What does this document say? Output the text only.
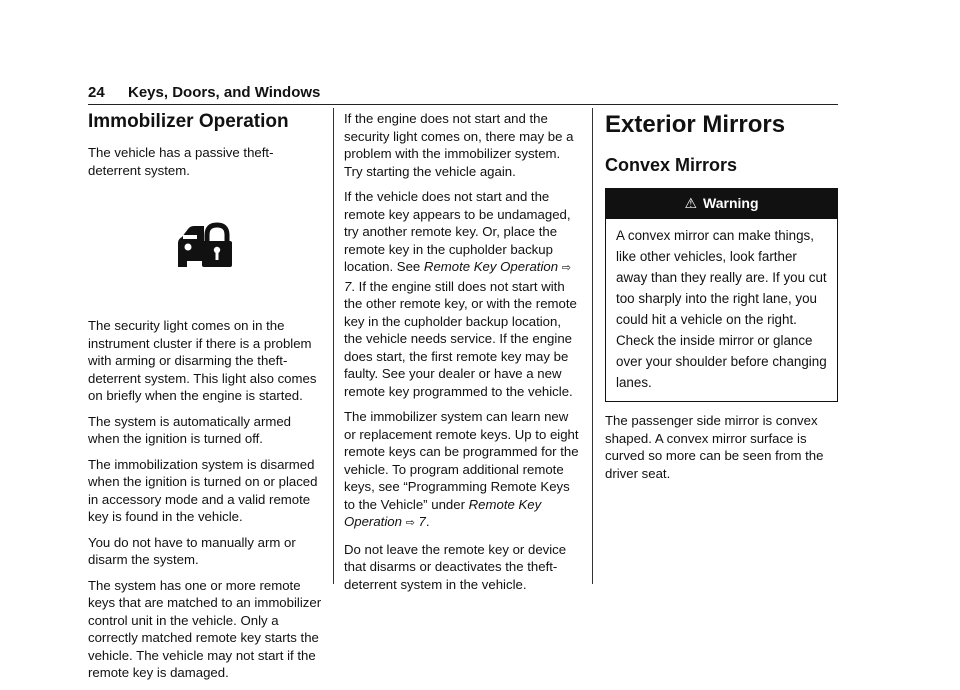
24 Keys, Doors, and Windows
Immobilizer Operation

The vehicle has a passive theft-deterrent system.

The security light comes on in the instrument cluster if there is a problem with arming or disarming the theft-deterrent system. This light also comes on briefly when the engine is started.

The system is automatically armed when the ignition is turned off.

The immobilization system is disarmed when the ignition is turned on or placed in accessory mode and a valid remote key is found in the vehicle.

You do not have to manually arm or disarm the system.

The system has one or more remote keys that are matched to an immobilizer control unit in the vehicle. Only a correctly matched remote key starts the vehicle. The vehicle may not start if the remote key is damaged.

If the engine does not start and the security light comes on, there may be a problem with the immobilizer system. Try starting the vehicle again.

If the vehicle does not start and the remote key appears to be undamaged, try another remote key. Or, place the remote key in the cupholder backup location. See Remote Key Operation ⇨ 7. If the engine still does not start with the other remote key, or with the remote key in the cupholder backup location, the vehicle needs service. If the engine does start, the first remote key may be faulty. See your dealer or have a new remote key programmed to the vehicle.

The immobilizer system can learn new or replacement remote keys. Up to eight remote keys can be programmed for the vehicle. To program additional remote keys, see “Programming Remote Keys to the Vehicle” under Remote Key Operation ⇨ 7.

Do not leave the remote key or device that disarms or deactivates the theft-deterrent system in the vehicle.

Exterior Mirrors
Convex Mirrors
⚠ Warning

A convex mirror can make things, like other vehicles, look farther away than they really are. If you cut too sharply into the right lane, you could hit a vehicle on the right. Check the inside mirror or glance over your shoulder before changing lanes.

The passenger side mirror is convex shaped. A convex mirror surface is curved so more can be seen from the driver seat.
